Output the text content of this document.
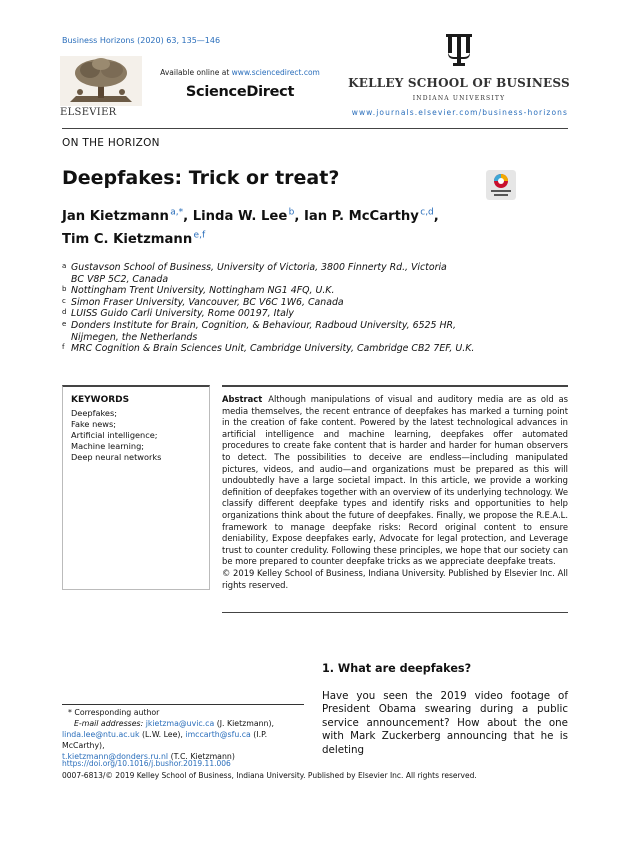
Business Horizons (2020) 63, 135—146
ELSEVIER
Available online at www.sciencedirect.com
ScienceDirect
KELLEY SCHOOL OF BUSINESS
INDIANA UNIVERSITY
www.journals.elsevier.com/business-horizons
ON THE HORIZON
Deepfakes: Trick or treat?
Jan Kietzmann $^{a,*}$, Linda W. Lee $^b$, Ian P. McCarthy $^{c,d}$,
Tim C. Kietzmann $^{e,f}$
a Gustavson School of Business, University of Victoria, 3800 Finnerty Rd., Victoria
BC V8P 5C2, Canada
b Nottingham Trent University, Nottingham NG1 4FQ, U.K.
c Simon Fraser University, Vancouver, BC V6C 1W6, Canada
d LUISS Guido Carli University, Rome 00197, Italy
e Donders Institute for Brain, Cognition, & Behaviour, Radboud University, 6525 HR,
Nijmegen, the Netherlands
f MRC Cognition & Brain Sciences Unit, Cambridge University, Cambridge CB2 7EF, U.K.
KEYWORDS
Deepfakes;
Fake news;
Artificial intelligence;
Machine learning;
Deep neural networks
Abstract Although manipulations of visual and auditory media are as old as media themselves, the recent entrance of deepfakes has marked a turning point in the creation of fake content. Powered by the latest technological advances in artificial intelligence and machine learning, deepfakes offer automated procedures to create fake content that is harder and harder for human observers to detect. The possibilities to deceive are endless—including manipulated pictures, videos, and audio—and organizations must be prepared as this will undoubtedly have a large societal impact. In this article, we provide a working definition of deepfakes together with an overview of its underlying technology. We classify different deepfake types and identify risks and opportunities to help organizations think about the future of deepfakes. Finally, we propose the R.E.A.L. framework to manage deepfake risks: Record original content to ensure deniability, Expose deepfakes early, Advocate for legal protection, and Leverage trust to counter credulity. Following these principles, we hope that our society can be more prepared to counter deepfake tricks as we appreciate deepfake treats.
© 2019 Kelley School of Business, Indiana University. Published by Elsevier Inc. All rights reserved.
1. What are deepfakes?
Have you seen the 2019 video footage of President Obama swearing during a public service announcement? How about the one with Mark Zuckerberg announcing that he is deleting
* Corresponding author
E-mail addresses: jkietzma@uvic.ca (J. Kietzmann),
linda.lee@ntu.ac.uk (L.W. Lee), imccarth@sfu.ca (I.P. McCarthy),
t.kietzmann@donders.ru.nl (T.C. Kietzmann)
https://doi.org/10.1016/j.bushor.2019.11.006
0007-6813/© 2019 Kelley School of Business, Indiana University. Published by Elsevier Inc. All rights reserved.
